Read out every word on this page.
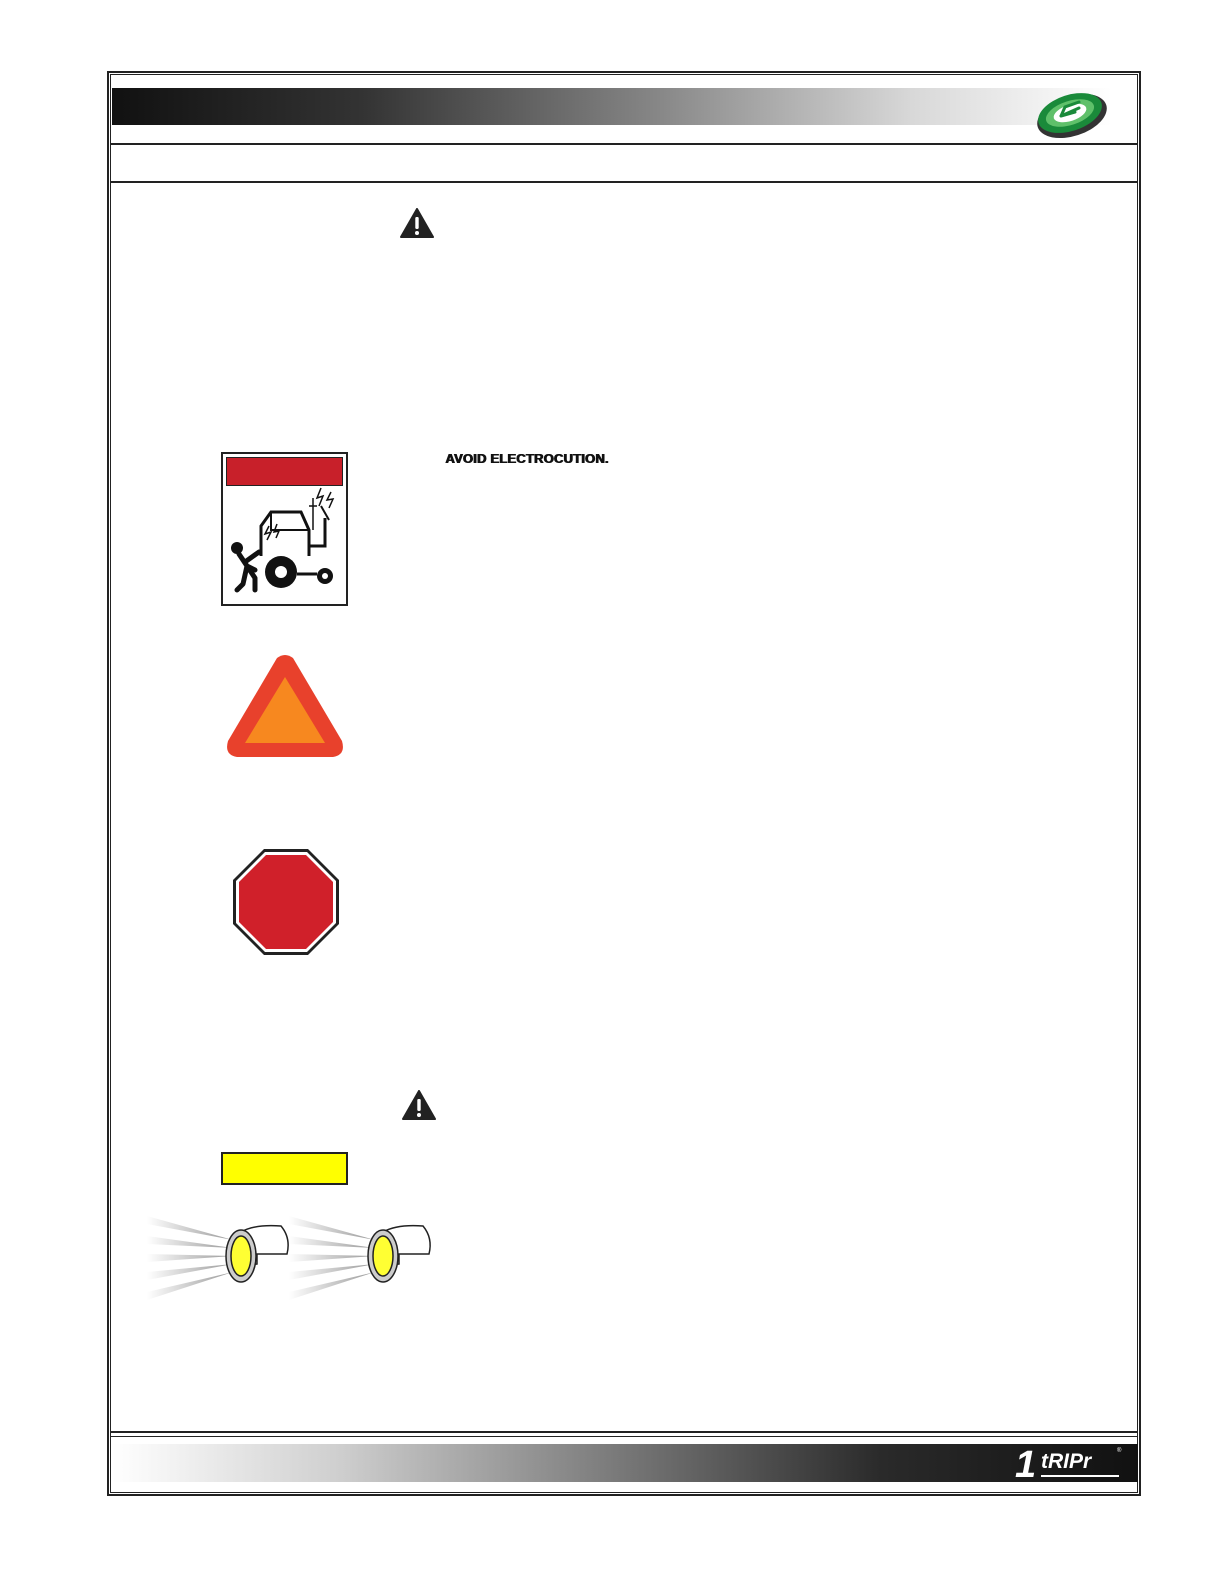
AVOID ELECTROCUTION.
1 tRIPr	®
